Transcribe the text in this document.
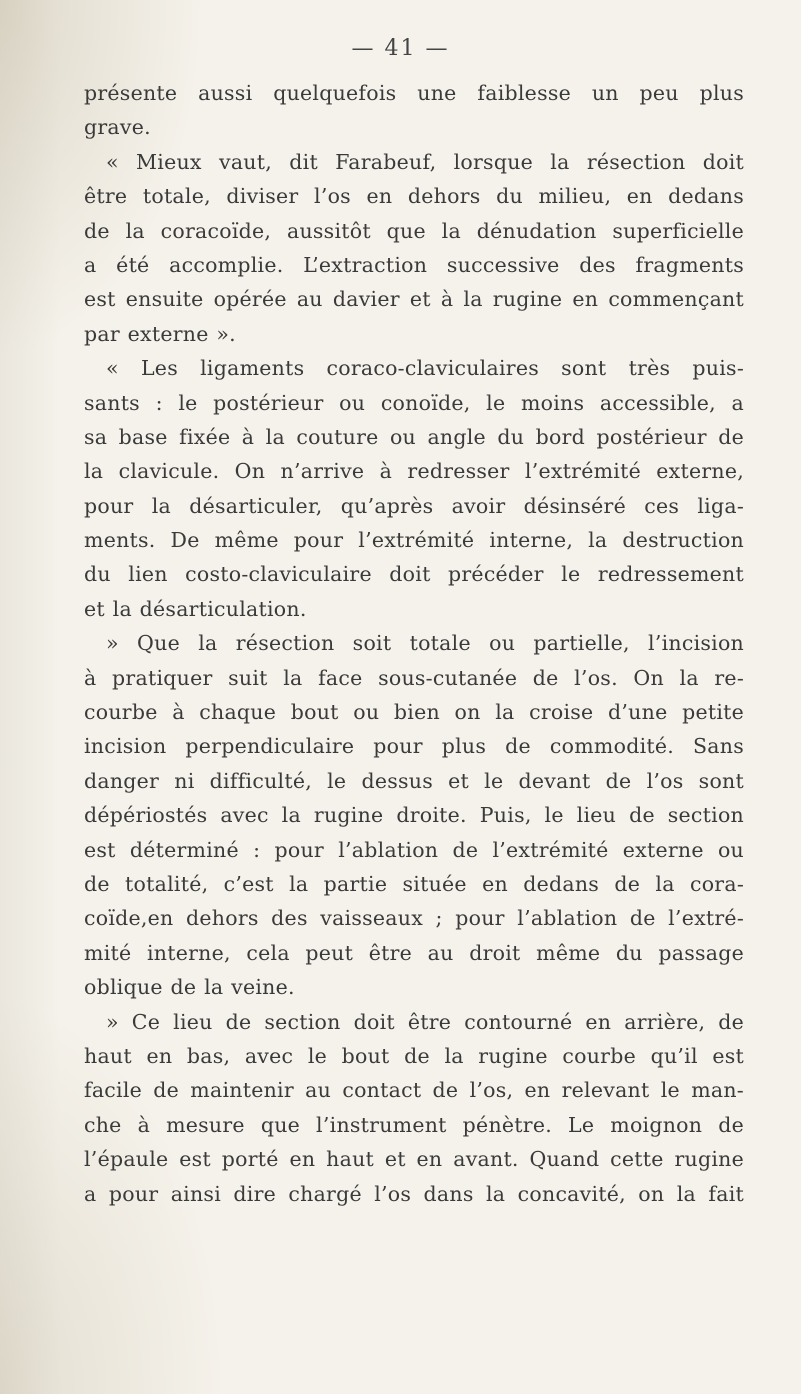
— 41 —
présente aussi quelquefois une faiblesse un peu plus
grave.
« Mieux vaut, dit Farabeuf, lorsque la résection doit
être totale, diviser l’os en dehors du milieu, en dedans
de la coracoïde, aussitôt que la dénudation superficielle
a été accomplie. L’extraction successive des fragments
est ensuite opérée au davier et à la rugine en commençant
par externe ».
« Les ligaments coraco-claviculaires sont très puis-
sants : le postérieur ou conoïde, le moins accessible, a
sa base fixée à la couture ou angle du bord postérieur de
la clavicule. On n’arrive à redresser l’extrémité externe,
pour la désarticuler, qu’après avoir désinséré ces liga-
ments. De même pour l’extrémité interne, la destruction
du lien costo-claviculaire doit précéder le redressement
et la désarticulation.
» Que la résection soit totale ou partielle, l’incision
à pratiquer suit la face sous-cutanée de l’os. On la re-
courbe à chaque bout ou bien on la croise d’une petite
incision perpendiculaire pour plus de commodité. Sans
danger ni difficulté, le dessus et le devant de l’os sont
dépériostés avec la rugine droite. Puis, le lieu de section
est déterminé : pour l’ablation de l’extrémité externe ou
de totalité, c’est la partie située en dedans de la cora-
coïde,en dehors des vaisseaux ; pour l’ablation de l’extré-
mité interne, cela peut être au droit même du passage
oblique de la veine.
» Ce lieu de section doit être contourné en arrière, de
haut en bas, avec le bout de la rugine courbe qu’il est
facile de maintenir au contact de l’os, en relevant le man-
che à mesure que l’instrument pénètre. Le moignon de
l’épaule est porté en haut et en avant. Quand cette rugine
a pour ainsi dire chargé l’os dans la concavité, on la fait
